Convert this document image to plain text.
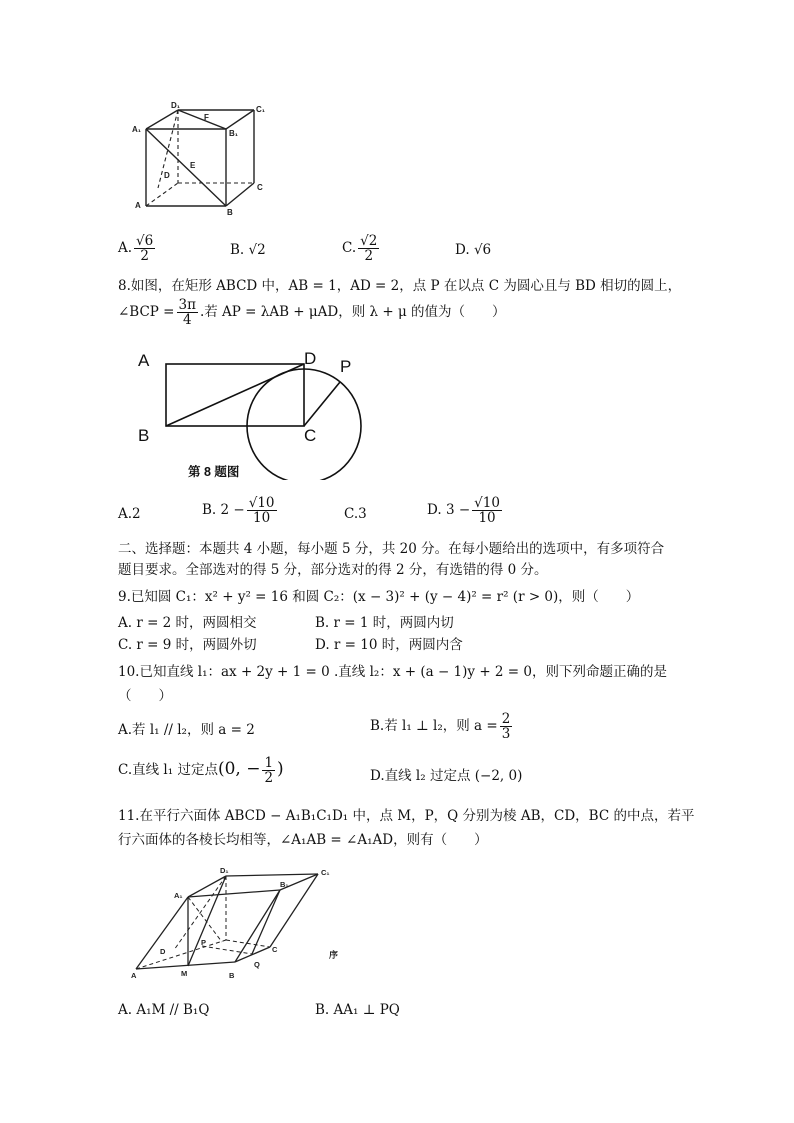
D₁	C₁
A₁	B₁
F
E
D
C
A
B
A. $\frac{√6}{2}$	B. √2	C. $\frac{√2}{2}$	D. √6
8.如图，在矩形 ABCD 中，AB = 1，AD = 2，点 P 在以点 C 为圆心且与 BD 相切的圆上，
∠BCP = $\frac{3\pi}{4}$ .若 AP = λAB + μAD，则 λ + μ 的值为（　　）
A	D P
B	C
第 8 题图
A.2	B. $2 - \frac{√10}{10}$	C.3	D. $3 - \frac{√10}{10}$
二、选择题：本题共 4 小题，每小题 5 分，共 20 分。在每小题给出的选项中，有多项符合
题目要求。全部选对的得 5 分，部分选对的得 2 分，有选错的得 0 分。
9.已知圆 C₁：x² + y² = 16 和圆 C₂：(x − 3)² + (y − 4)² = r² (r > 0)，则（　　）
A. r = 2 时，两圆相交	B. r = 1 时，两圆内切
C. r = 9 时，两圆外切	D. r = 10 时，两圆内含
10.已知直线 l₁：ax + 2y + 1 = 0 .直线 l₂：x + (a − 1)y + 2 = 0，则下列命题正确的是
（　　）
A.若 l₁ // l₂，则 a = 2	B.若 l₁ ⊥ l₂，则 $a = \frac{2}{3}$
C.直线 l₁ 过定点(0, − $\frac{1}{2}$ )	D.直线 l₂ 过定点 (−2, 0)
11.在平行六面体 ABCD − A₁B₁C₁D₁ 中，点 M，P，Q 分别为棱 AB，CD，BC 的中点，若平
行六面体的各棱长均相等，∠A₁AB = ∠A₁AD，则有（　　）
D₁	C₁
A₁
B₁
P
D	C
Q
A	M	B
序
A. A₁M // B₁Q	B. AA₁ ⊥ PQ
